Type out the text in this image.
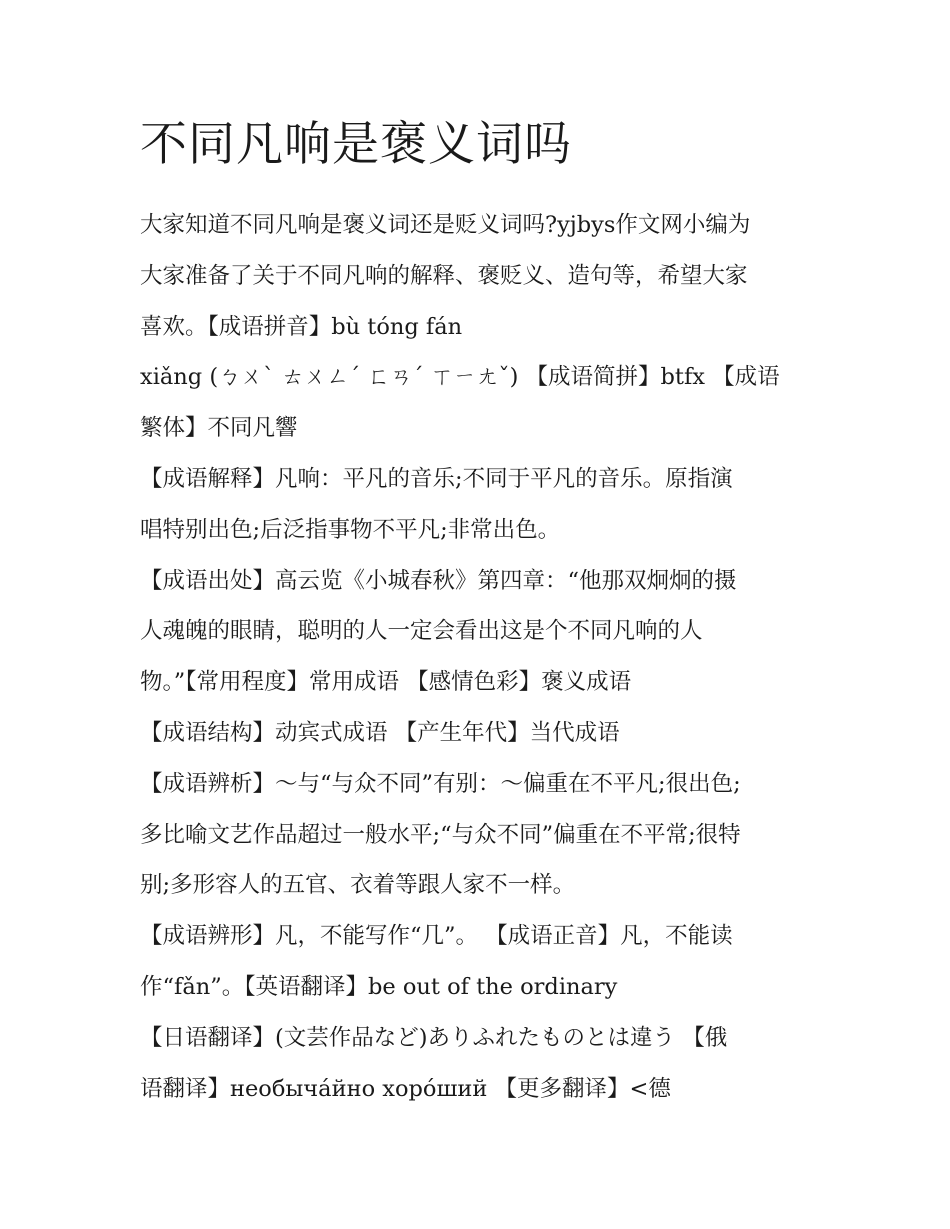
不同凡响是褒义词吗
大家知道不同凡响是褒义词还是贬义词吗?yjbys作文网小编为
大家准备了关于不同凡响的解释、褒贬义、造句等，希望大家
喜欢。【成语拼音】bù tóng fán
xiǎng (ㄅㄨˋ ㄊㄨㄥˊ ㄈㄢˊ ㄒㄧㄤˇ) 【成语简拼】btfx 【成语
繁体】不同凡響
【成语解释】凡响：平凡的音乐;不同于平凡的音乐。原指演
唱特别出色;后泛指事物不平凡;非常出色。
【成语出处】高云览《小城春秋》第四章：“他那双炯炯的摄
人魂魄的眼睛，聪明的人一定会看出这是个不同凡响的人
物。”【常用程度】常用成语 【感情色彩】褒义成语
【成语结构】动宾式成语 【产生年代】当代成语
【成语辨析】～与“与众不同”有别：～偏重在不平凡;很出色;
多比喻文艺作品超过一般水平;“与众不同”偏重在不平常;很特
别;多形容人的五官、衣着等跟人家不一样。
【成语辨形】凡，不能写作“几”。 【成语正音】凡，不能读
作“fǎn”。【英语翻译】be out of the ordinary
【日语翻译】(文芸作品など)ありふれたものとは違う 【俄
语翻译】необычáйно хорóший 【更多翻译】<德
